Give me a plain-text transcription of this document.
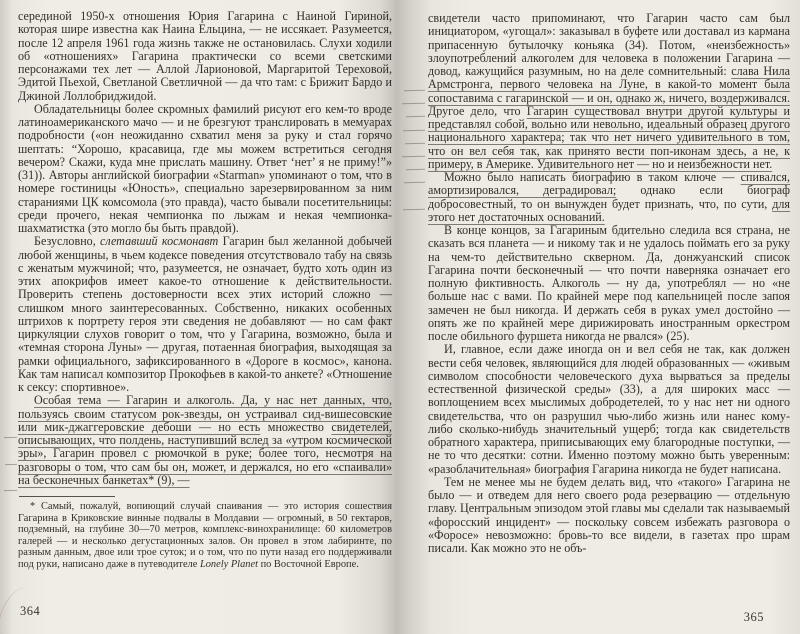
серединой 1950-х отношения Юрия Гагарина с Наиной Гириной, которая шире известна как Наина Ельцина, — не иссякает. Разумеется, после 12 апреля 1961 года жизнь также не остановилась. Слухи ходили об «отношениях» Гагарина практически со всеми светскими персонажами тех лет — Аллой Ларионовой, Маргаритой Тереховой, Эдитой Пьехой, Светланой Светличной — да что там: с Брижит Бардо и Джиной Лоллобриджидой.

Обладательницы более скромных фамилий рисуют его кем-то вроде латиноамериканского мачо — и не брезгуют транслировать в мемуарах подробности («он неожиданно схватил меня за руку и стал горячо шептать: “Хорошо, красавица, где мы можем встретиться сегодня вечером? Скажи, куда мне прислать машину. Ответ ‘нет’ я не приму!”» (31)). Авторы английской биографии «Starman» упоминают о том, что в номере гостиницы «Юность», специально зарезервированном за ним стараниями ЦК комсомола (это правда), часто бывали посетительницы: среди прочего, некая чемпионка по лыжам и некая чемпионка-шахматистка (это могло бы быть правдой).

Безусловно, слетавший космонавт Гагарин был желанной добычей любой женщины, в чьем кодексе поведения отсутствовало табу на связь с женатым мужчиной; что, разумеется, не означает, будто хоть один из этих апокрифов имеет какое-то отношение к действительности. Проверить степень достоверности всех этих историй сложно — слишком много заинтересованных. Собственно, никаких особенных штрихов к портрету героя эти сведения не добавляют — но сам факт циркуляции слухов говорит о том, что у Гагарина, возможно, была и «темная сторона Луны» — другая, потаенная биография, выходящая за рамки официального, зафиксированного в «Дороге в космос», канона. Как там написал композитор Прокофьев в какой-то анкете? «Отношение к сексу: спортивное».

Особая тема — Гагарин и алкоголь. Да, у нас нет данных, что, пользуясь своим статусом рок-звезды, он устраивал сид-вишесовские или мик-джаггеровские дебоши — но есть множество свидетелей, описывающих, что полдень, наступивший вслед за «утром космической эры», Гагарин провел с рюмочкой в руке; более того, несмотря на разговоры о том, что сам бы он, может, и держался, но его «спаивали» на бесконечных банкетах* (9), —

* Самый, пожалуй, вопиющий случай спаивания — это история сошествия Гагарина в Криковские винные подвалы в Молдавии — огромный, в 50 гектаров, подземный, на глубине 30—70 метров, комплекс-винохранилище: 60 километров галерей — и несколько дегустационных залов. Он провел в этом лабиринте, по разным данным, двое или трое суток; и о том, что по пути назад его поддерживали под руки, написано даже в путеводителе Lonely Planet по Восточной Европе.

364

свидетели часто припоминают, что Гагарин часто сам был инициатором, «угощал»: заказывал в буфете или доставал из кармана припасенную бутылочку коньяка (34). Потом, «неизбежность» злоупотреблений алкоголем для человека в положении Гагарина — довод, кажущийся разумным, но на деле сомнительный: слава Нила Армстронга, первого человека на Луне, в какой-то момент была сопоставима с гагаринской — и он, однако ж, ничего, воздерживался. Другое дело, что Гагарин существовал внутри другой культуры и представлял собой, вольно или невольно, идеальный образец другого национального характера; так что нет ничего удивительного в том, что он вел себя так, как принято вести поп-иконам здесь, а не, к примеру, в Америке. Удивительного нет — но и неизбежности нет.

Можно было написать биографию в таком ключе — спивался, амортизировался, деградировал; однако если биограф добросовестный, то он вынужден будет признать, что, по сути, для этого нет достаточных оснований.

В конце концов, за Гагариным бдительно следила вся страна, не сказать вся планета — и никому так и не удалось поймать его за руку на чем-то действительно скверном. Да, донжуанский список Гагарина почти бесконечный — что почти наверняка означает его полную фиктивность. Алкоголь — ну да, употреблял — но «не больше нас с вами. По крайней мере под капельницей после запоя замечен не был никогда. И держать себя в руках умел достойно — опять же по крайней мере дирижировать иностранным оркестром после обильного фуршета никогда не рвался» (25).

И, главное, если даже иногда он и вел себя не так, как должен вести себя человек, являющийся для людей образованных — «живым символом способности человеческого духа вырваться за пределы естественной физической среды» (33), а для широких масс — воплощением всех мыслимых добродетелей, то у нас нет ни одного свидетельства, что он разрушил чью-либо жизнь или нанес кому-либо сколько-нибудь значительный ущерб; тогда как свидетельств обратного характера, приписывающих ему благородные поступки, — не то что десятки: сотни. Именно поэтому можно быть уверенным: «разоблачительная» биография Гагарина никогда не будет написана.

Тем не менее мы не будем делать вид, что «такого» Гагарина не было — и отведем для него своего рода резервацию — отдельную главу. Центральным эпизодом этой главы мы сделали так называемый «форосский инцидент» — поскольку совсем избежать разговора о «Форосе» невозможно: бровь-то все видели, в газетах про шрам писали. Как можно это не объ-

365
